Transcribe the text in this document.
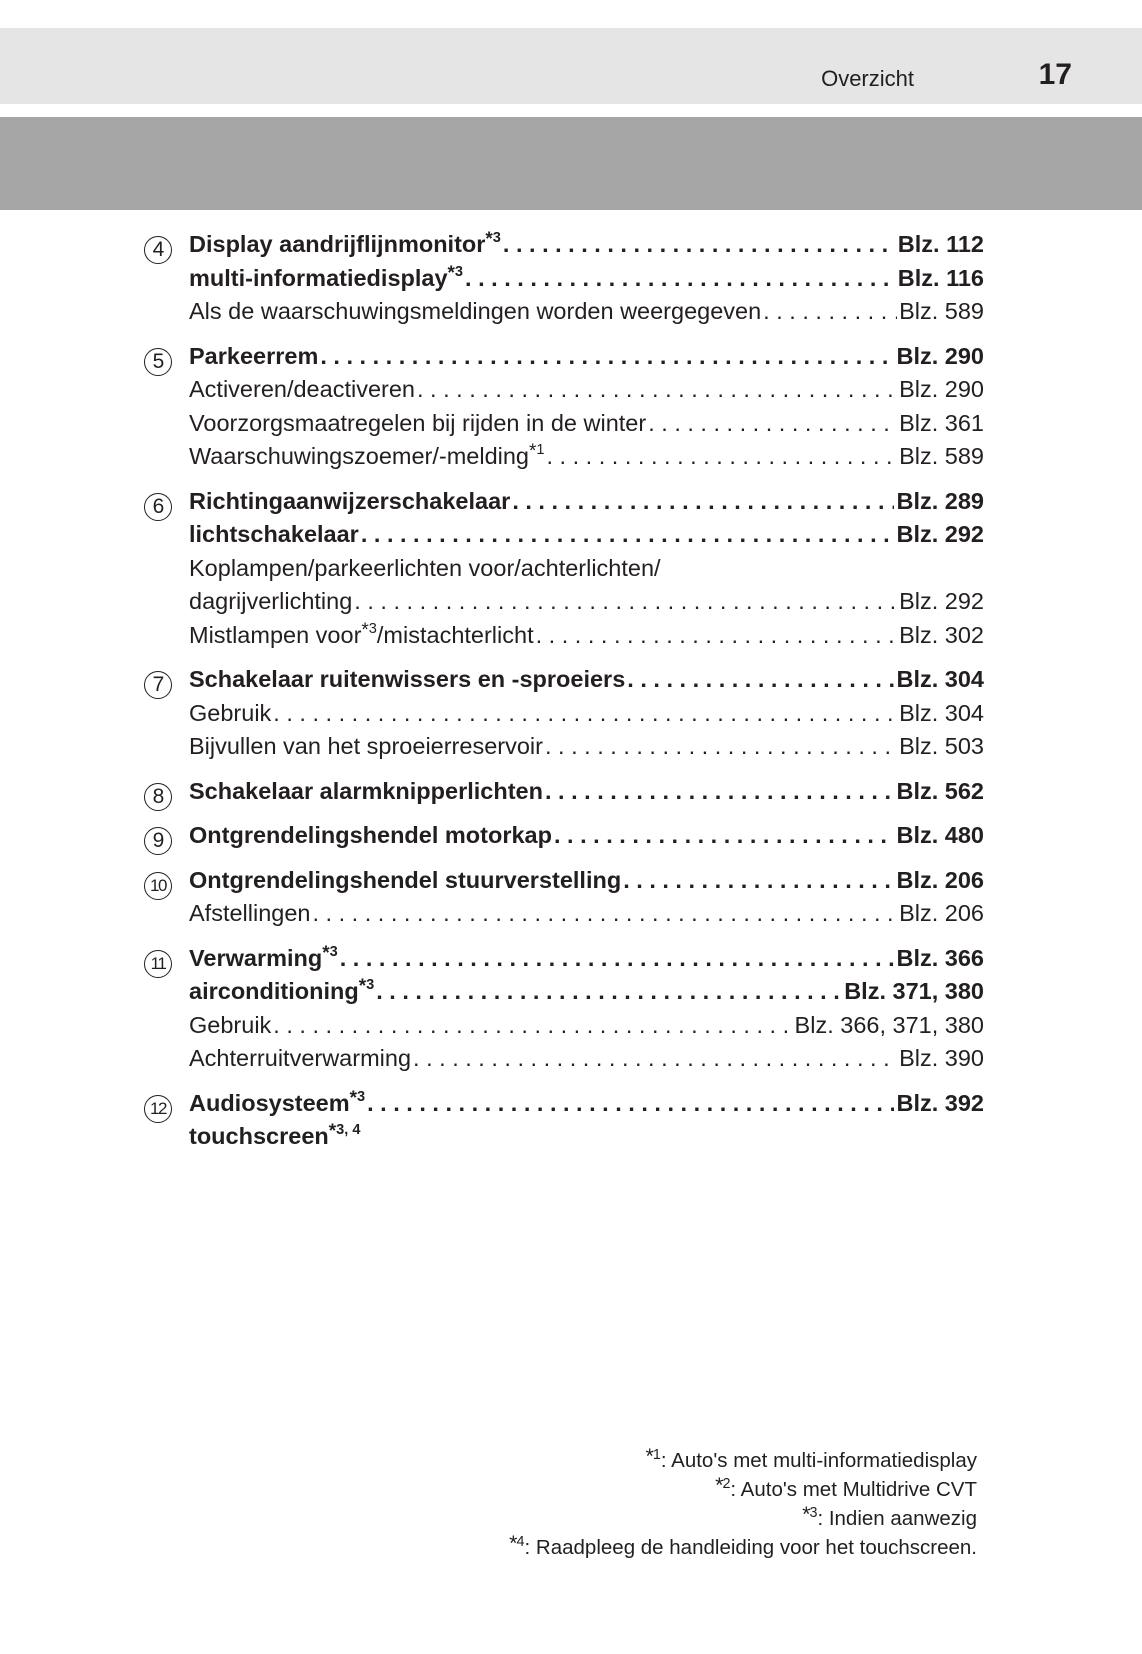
Overzicht	17
4	Display aandrijflijnmonitor$^{*3}$ . . .	Blz. 112
multi-informatiedisplay$^{*3}$ . . .	Blz. 116
Als de waarschuwingsmeldingen worden weergegeven . . .	Blz. 589
5	Parkeerrem . . .	Blz. 290
Activeren/deactiveren . . .	Blz. 290
Voorzorgsmaatregelen bij rijden in de winter . . .	Blz. 361
Waarschuwingszoemer/-melding$^{*1}$ . . .	Blz. 589
6	Richtingaanwijzerschakelaar . . .	Blz. 289
lichtschakelaar . . .	Blz. 292
Koplampen/parkeerlichten voor/achterlichten/
dagrijverlichting . . .	Blz. 292
Mistlampen voor$^{*3}$/mistachterlicht . . .	Blz. 302
7	Schakelaar ruitenwissers en -sproeiers . . .	Blz. 304
Gebruik . . .	Blz. 304
Bijvullen van het sproeierreservoir . . .	Blz. 503
8	Schakelaar alarmknipperlichten . . .	Blz. 562
9	Ontgrendelingshendel motorkap . . .	Blz. 480
10 Ontgrendelingshendel stuurverstelling . . .	Blz. 206
Afstellingen . . .	Blz. 206
11 Verwarming$^{*3}$ . . .	Blz. 366
airconditioning$^{*3}$ . . .	Blz. 371, 380
Gebruik . . .	Blz. 366, 371, 380
Achterruitverwarming . . .	Blz. 390
12 Audiosysteem$^{*3}$ . . .	Blz. 392
touchscreen$^{*3, 4}$
$^{*1}$: Auto's met multi-informatiedisplay
$^{*2}$: Auto's met Multidrive CVT
$^{*3}$: Indien aanwezig
$^{*4}$: Raadpleeg de handleiding voor het touchscreen.
